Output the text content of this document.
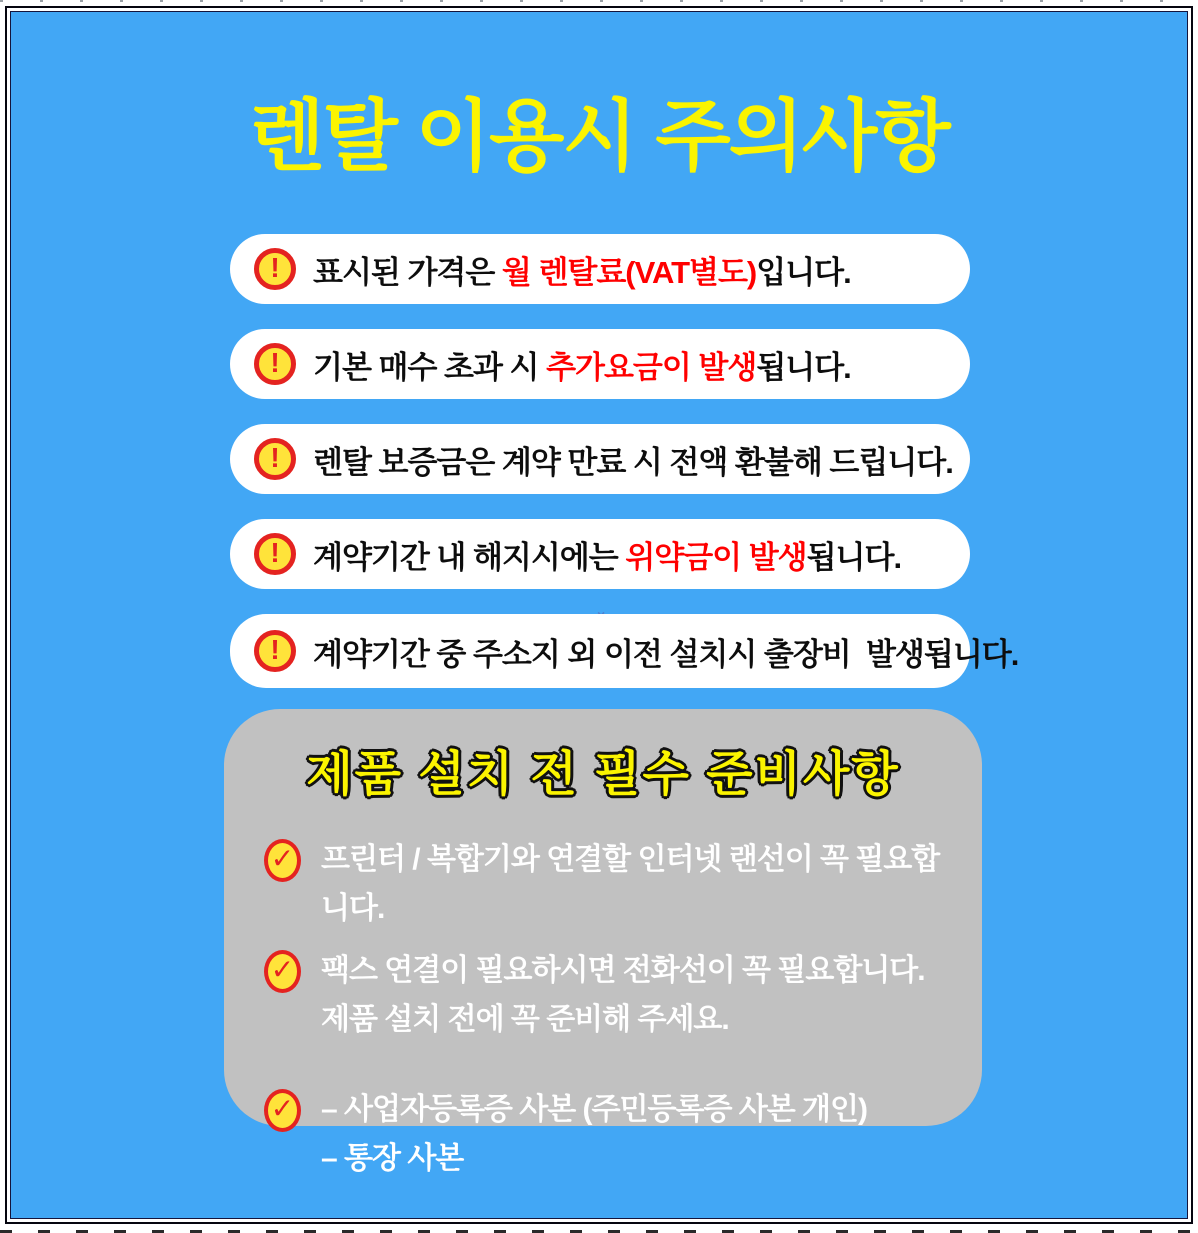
렌탈 이용시 주의사항
! 표시된 가격은 월 렌탈료(VAT별도)입니다.
! 기본 매수 초과 시 추가요금이 발생됩니다.
! 렌탈 보증금은 계약 만료 시 전액 환불해 드립니다.
! 계약기간 내 해지시에는 위약금이 발생됩니다.
! 계약기간 중 주소지 외 이전 설치시 출장비  발생됩니다.
제품 설치 전 필수 준비사항
✓ 프린터 / 복합기와 연결할 인터넷 랜선이 꼭 필요합니다.
✓ 팩스 연결이 필요하시면 전화선이 꼭 필요합니다.
제품 설치 전에 꼭 준비해 주세요.
✓ – 사업자등록증 사본 (주민등록증 사본 개인)
– 통장 사본
